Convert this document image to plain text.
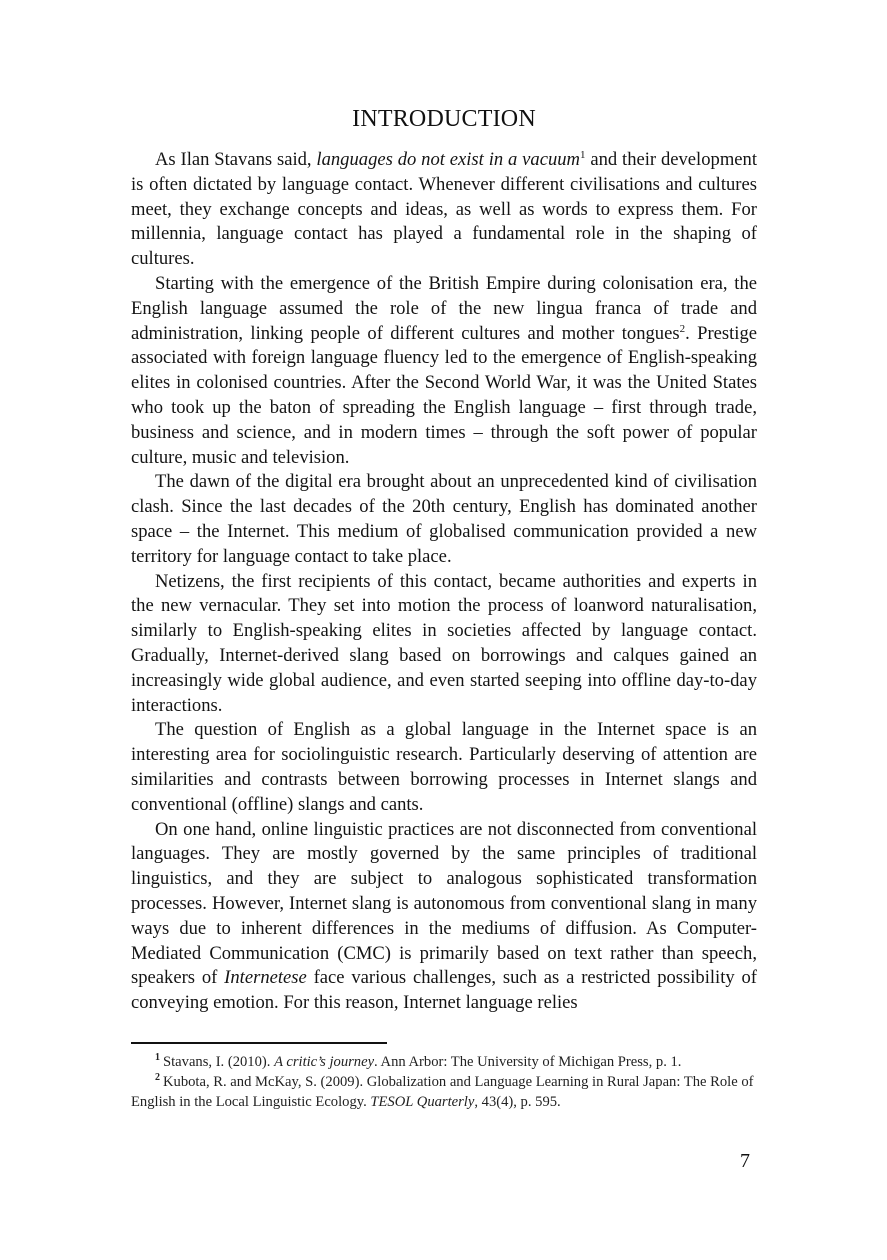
INTRODUCTION

As Ilan Stavans said, languages do not exist in a vacuum$^1$ and their development is often dictated by language contact. Whenever different civilisations and cultures meet, they exchange concepts and ideas, as well as words to express them. For millennia, language contact has played a fundamental role in the shaping of cultures.

Starting with the emergence of the British Empire during colonisation era, the English language assumed the role of the new lingua franca of trade and administration, linking people of different cultures and mother tongues$^2$. Prestige associated with foreign language fluency led to the emergence of English-speaking elites in colonised countries. After the Second World War, it was the United States who took up the baton of spreading the English language – first through trade, business and science, and in modern times – through the soft power of popular culture, music and television.

The dawn of the digital era brought about an unprecedented kind of civilisation clash. Since the last decades of the 20th century, English has dominated another space – the Internet. This medium of globalised communication provided a new territory for language contact to take place.

Netizens, the first recipients of this contact, became authorities and experts in the new vernacular. They set into motion the process of loanword naturalisation, similarly to English-speaking elites in societies affected by language contact. Gradually, Internet-derived slang based on borrowings and calques gained an increasingly wide global audience, and even started seeping into offline day-to-day interactions.

The question of English as a global language in the Internet space is an interesting area for sociolinguistic research. Particularly deserving of attention are similarities and contrasts between borrowing processes in Internet slangs and conventional (offline) slangs and cants.

On one hand, online linguistic practices are not disconnected from conventional languages. They are mostly governed by the same principles of traditional linguistics, and they are subject to analogous sophisticated transformation processes. However, Internet slang is autonomous from conventional slang in many ways due to inherent differences in the mediums of diffusion. As Computer-Mediated Communication (CMC) is primarily based on text rather than speech, speakers of Internetese face various challenges, such as a restricted possibility of conveying emotion. For this reason, Internet language relies

$^1$ Stavans, I. (2010). A critic’s journey. Ann Arbor: The University of Michigan Press, p. 1.

$^2$ Kubota, R. and McKay, S. (2009). Globalization and Language Learning in Rural Japan: The Role of English in the Local Linguistic Ecology. TESOL Quarterly, 43(4), p. 595.

7
